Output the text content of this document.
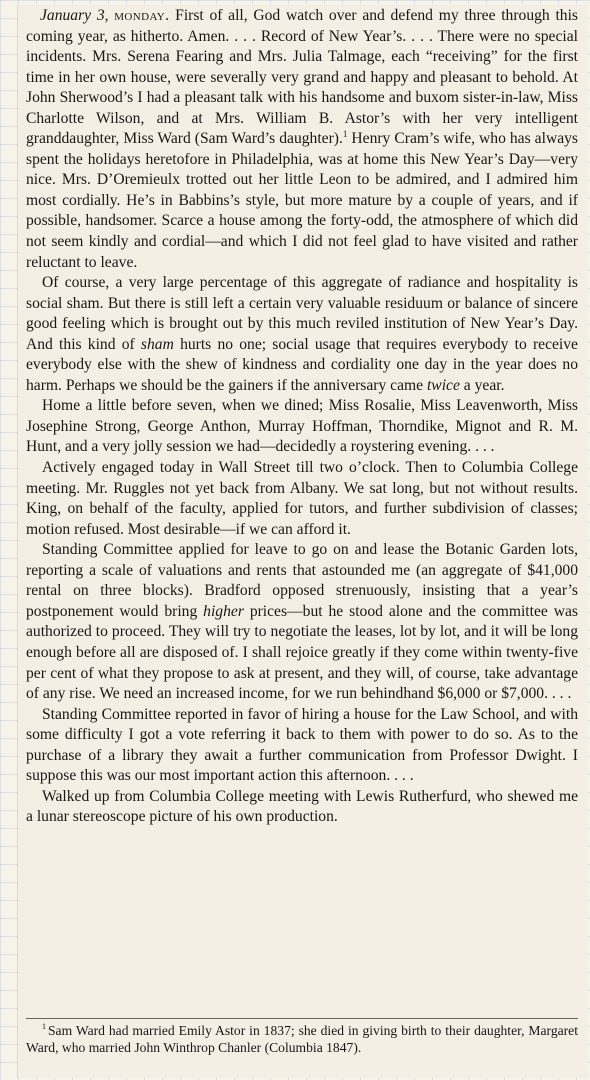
January 3, monday. First of all, God watch over and defend my three through this coming year, as hitherto. Amen. . . . Record of New Year’s. . . . There were no special incidents. Mrs. Serena Fearing and Mrs. Julia Talmage, each “receiving” for the first time in her own house, were severally very grand and happy and pleasant to behold. At John Sherwood’s I had a pleasant talk with his handsome and buxom sister-in-law, Miss Charlotte Wilson, and at Mrs. William B. Astor’s with her very intelligent granddaughter, Miss Ward (Sam Ward’s daughter).$^1$ Henry Cram’s wife, who has always spent the holidays heretofore in Philadelphia, was at home this New Year’s Day—very nice. Mrs. D’Oremieulx trotted out her little Leon to be admired, and I admired him most cordially. He’s in Babbins’s style, but more mature by a couple of years, and if possible, handsomer. Scarce a house among the forty-odd, the atmosphere of which did not seem kindly and cordial—and which I did not feel glad to have visited and rather reluctant to leave.

Of course, a very large percentage of this aggregate of radiance and hospitality is social sham. But there is still left a certain very valuable residuum or balance of sincere good feeling which is brought out by this much reviled institution of New Year’s Day. And this kind of sham hurts no one; social usage that requires everybody to receive everybody else with the shew of kindness and cordiality one day in the year does no harm. Perhaps we should be the gainers if the anniversary came twice a year.

Home a little before seven, when we dined; Miss Rosalie, Miss Leavenworth, Miss Josephine Strong, George Anthon, Murray Hoffman, Thorndike, Mignot and R. M. Hunt, and a very jolly session we had—decidedly a roystering evening. . . .

Actively engaged today in Wall Street till two o’clock. Then to Columbia College meeting. Mr. Ruggles not yet back from Albany. We sat long, but not without results. King, on behalf of the faculty, applied for tutors, and further subdivision of classes; motion refused. Most desirable—if we can afford it.

Standing Committee applied for leave to go on and lease the Botanic Garden lots, reporting a scale of valuations and rents that astounded me (an aggregate of $41,000 rental on three blocks). Bradford opposed strenuously, insisting that a year’s postponement would bring higher prices—but he stood alone and the committee was authorized to proceed. They will try to negotiate the leases, lot by lot, and it will be long enough before all are disposed of. I shall rejoice greatly if they come within twenty-five per cent of what they propose to ask at present, and they will, of course, take advantage of any rise. We need an increased income, for we run behindhand $6,000 or $7,000. . . .

Standing Committee reported in favor of hiring a house for the Law School, and with some difficulty I got a vote referring it back to them with power to do so. As to the purchase of a library they await a further communication from Professor Dwight. I suppose this was our most important action this afternoon. . . .

Walked up from Columbia College meeting with Lewis Rutherfurd, who shewed me a lunar stereoscope picture of his own production.

$^1$ Sam Ward had married Emily Astor in 1837; she died in giving birth to their daughter, Margaret Ward, who married John Winthrop Chanler (Columbia 1847).
